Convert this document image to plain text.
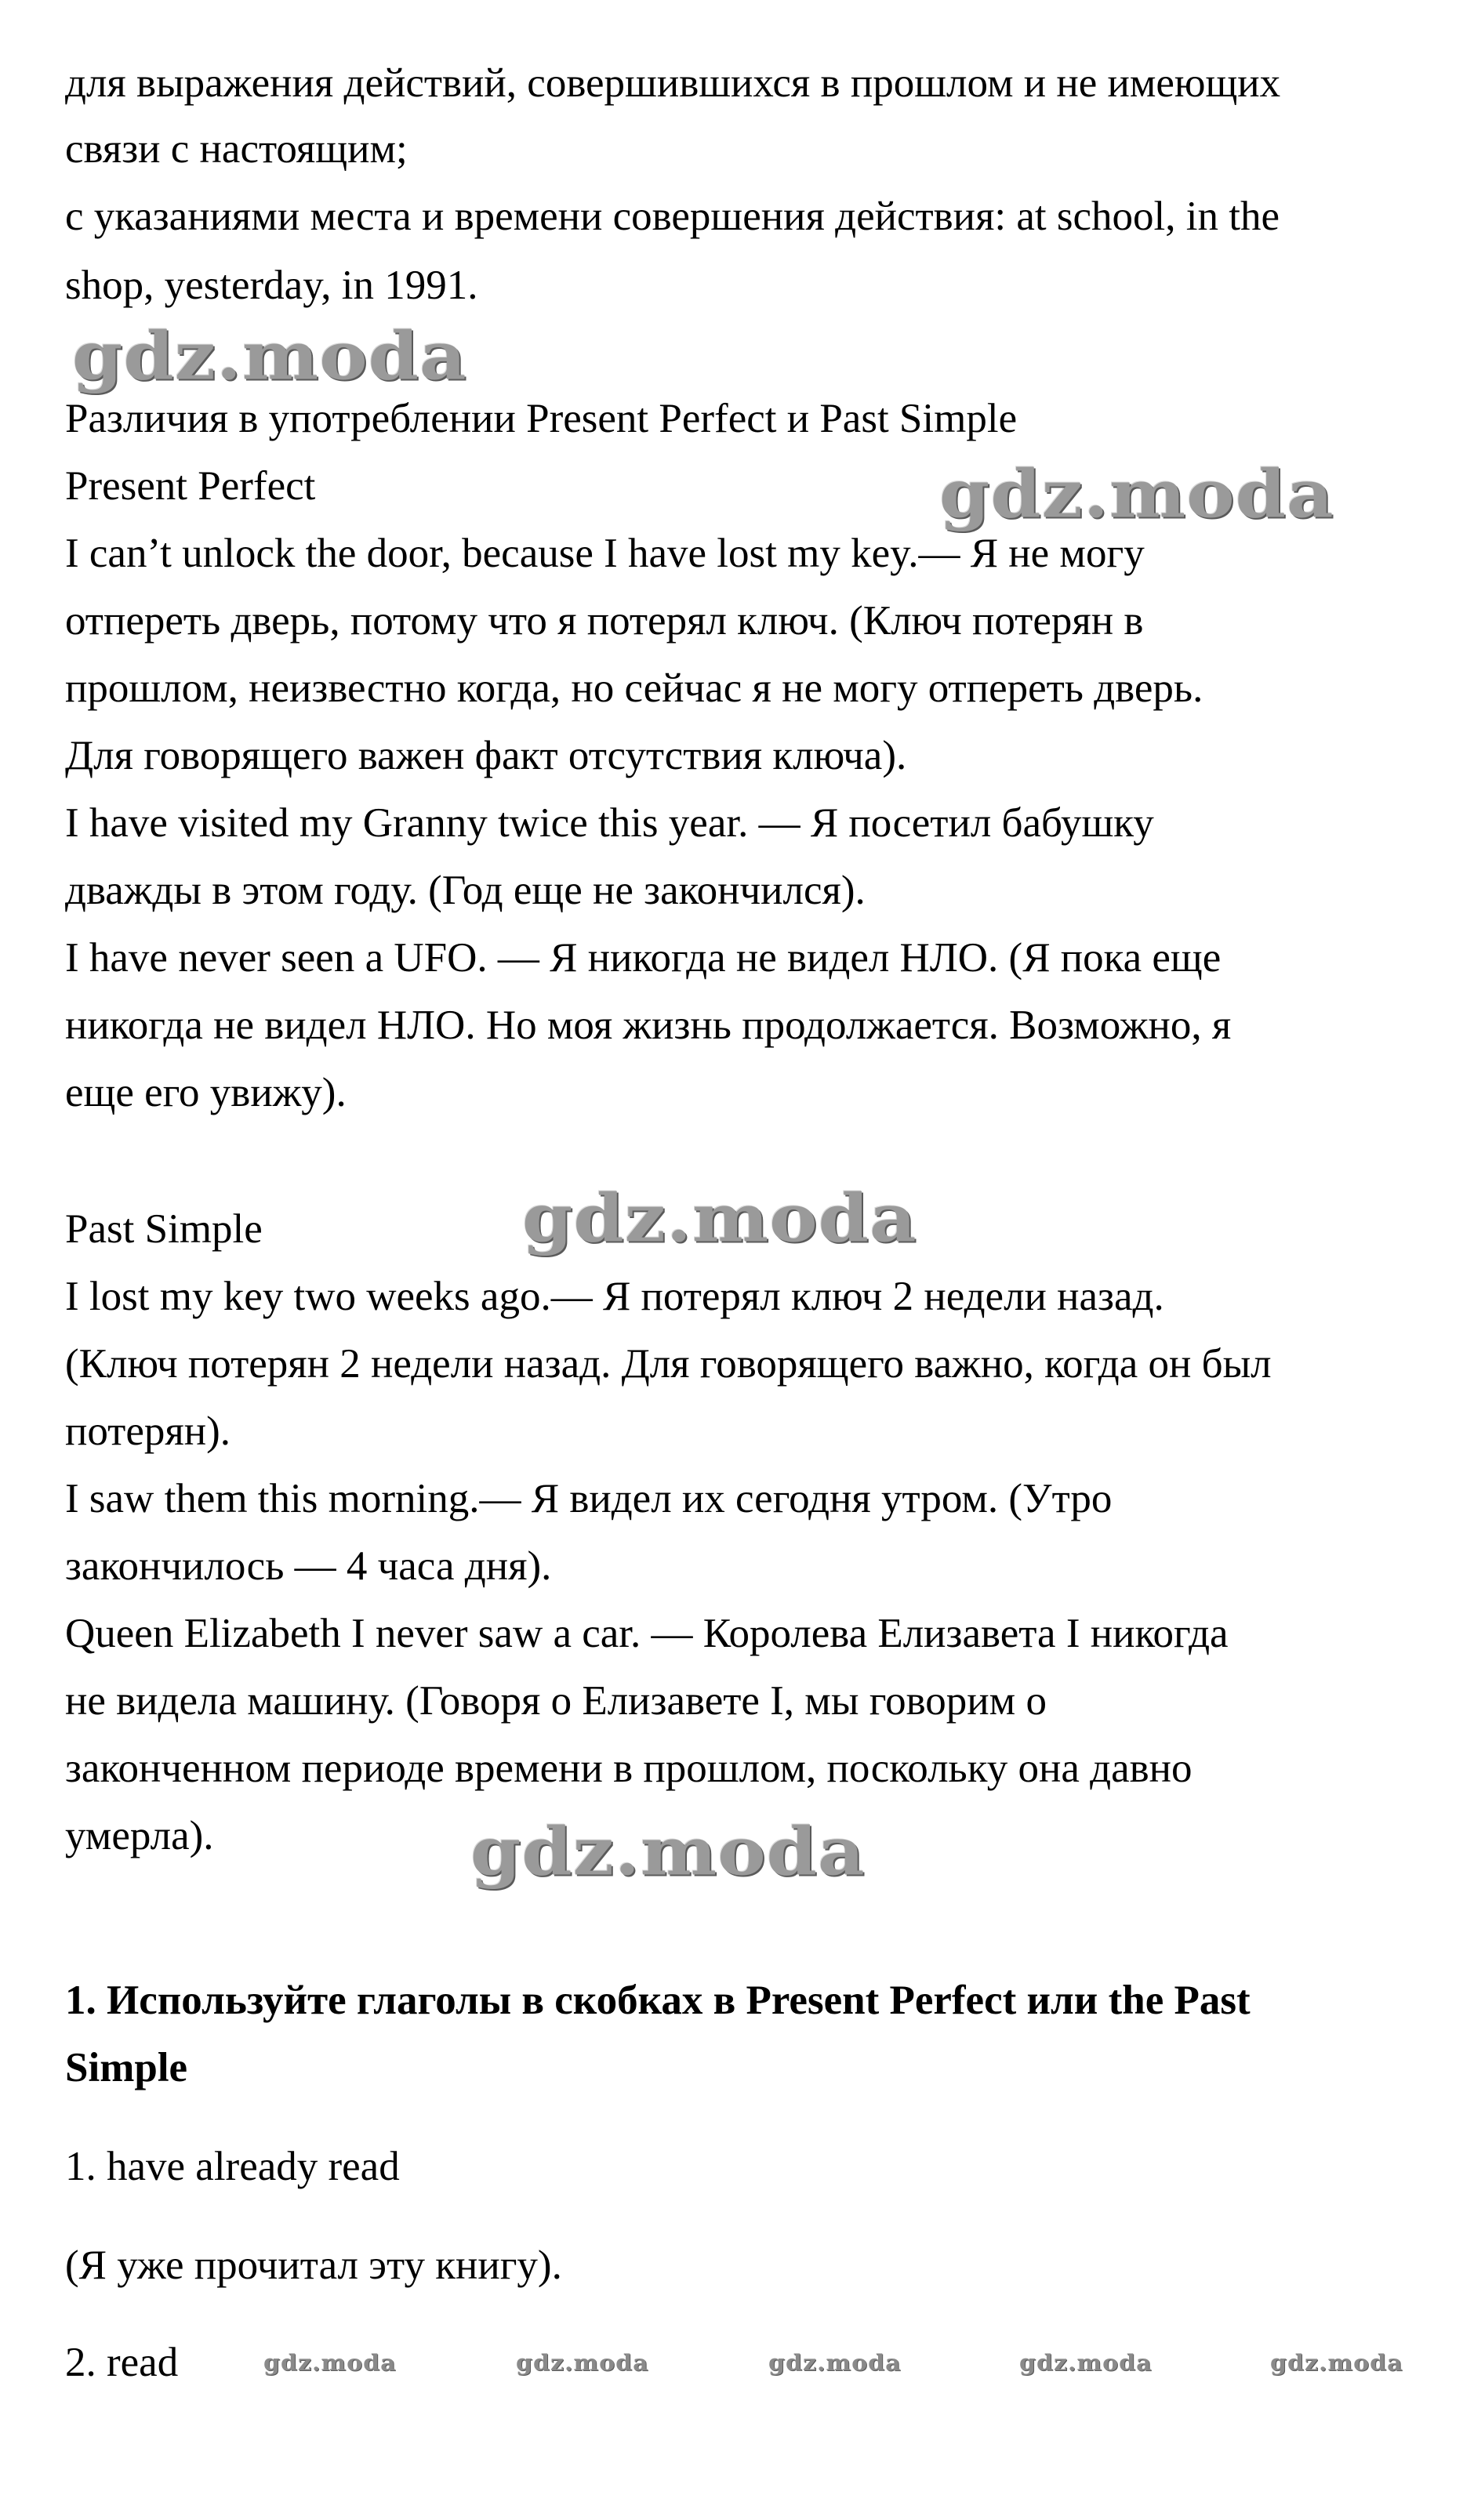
для выражения действий, совершившихся в прошлом и не имеющих
связи с настоящим;
с указаниями места и времени совершения действия: at school, in the
shop, yesterday, in 1991.
Различия в употреблении Present Perfect и Past Simple
Present Perfect
I can’t unlock the door, because I have lost my key.— Я не могу
отпереть дверь, потому что я потерял ключ. (Ключ потерян в
прошлом, неизвестно когда, но сейчас я не могу отпереть дверь.
Для говорящего важен факт отсутствия ключа).
I have visited my Granny twice this year. — Я посетил бабушку
дважды в этом году. (Год еще не закончился).
I have never seen a UFO. — Я никогда не видел НЛО. (Я пока еще
никогда не видел НЛО. Но моя жизнь продолжается. Возможно, я
еще его увижу).
Past Simple
I lost my key two weeks ago.— Я потерял ключ 2 недели назад.
(Ключ потерян 2 недели назад. Для говорящего важно, когда он был
потерян).
I saw them this morning.— Я видел их сегодня утром. (Утро
закончилось — 4 часа дня).
Queen Elizabeth I never saw a car. — Королева Елизавета I никогда
не видела машину. (Говоря о Елизавете I, мы говорим о
законченном периоде времени в прошлом, поскольку она давно
умерла).
1. Используйте глаголы в скобках в Present Perfect или the Past
Simple
1. have already read
(Я уже прочитал эту книгу).
2. read
gdz.moda
gdz.moda
gdz.moda
gdz.moda
gdz.moda	gdz.moda	gdz.moda	gdz.moda	gdz.moda
